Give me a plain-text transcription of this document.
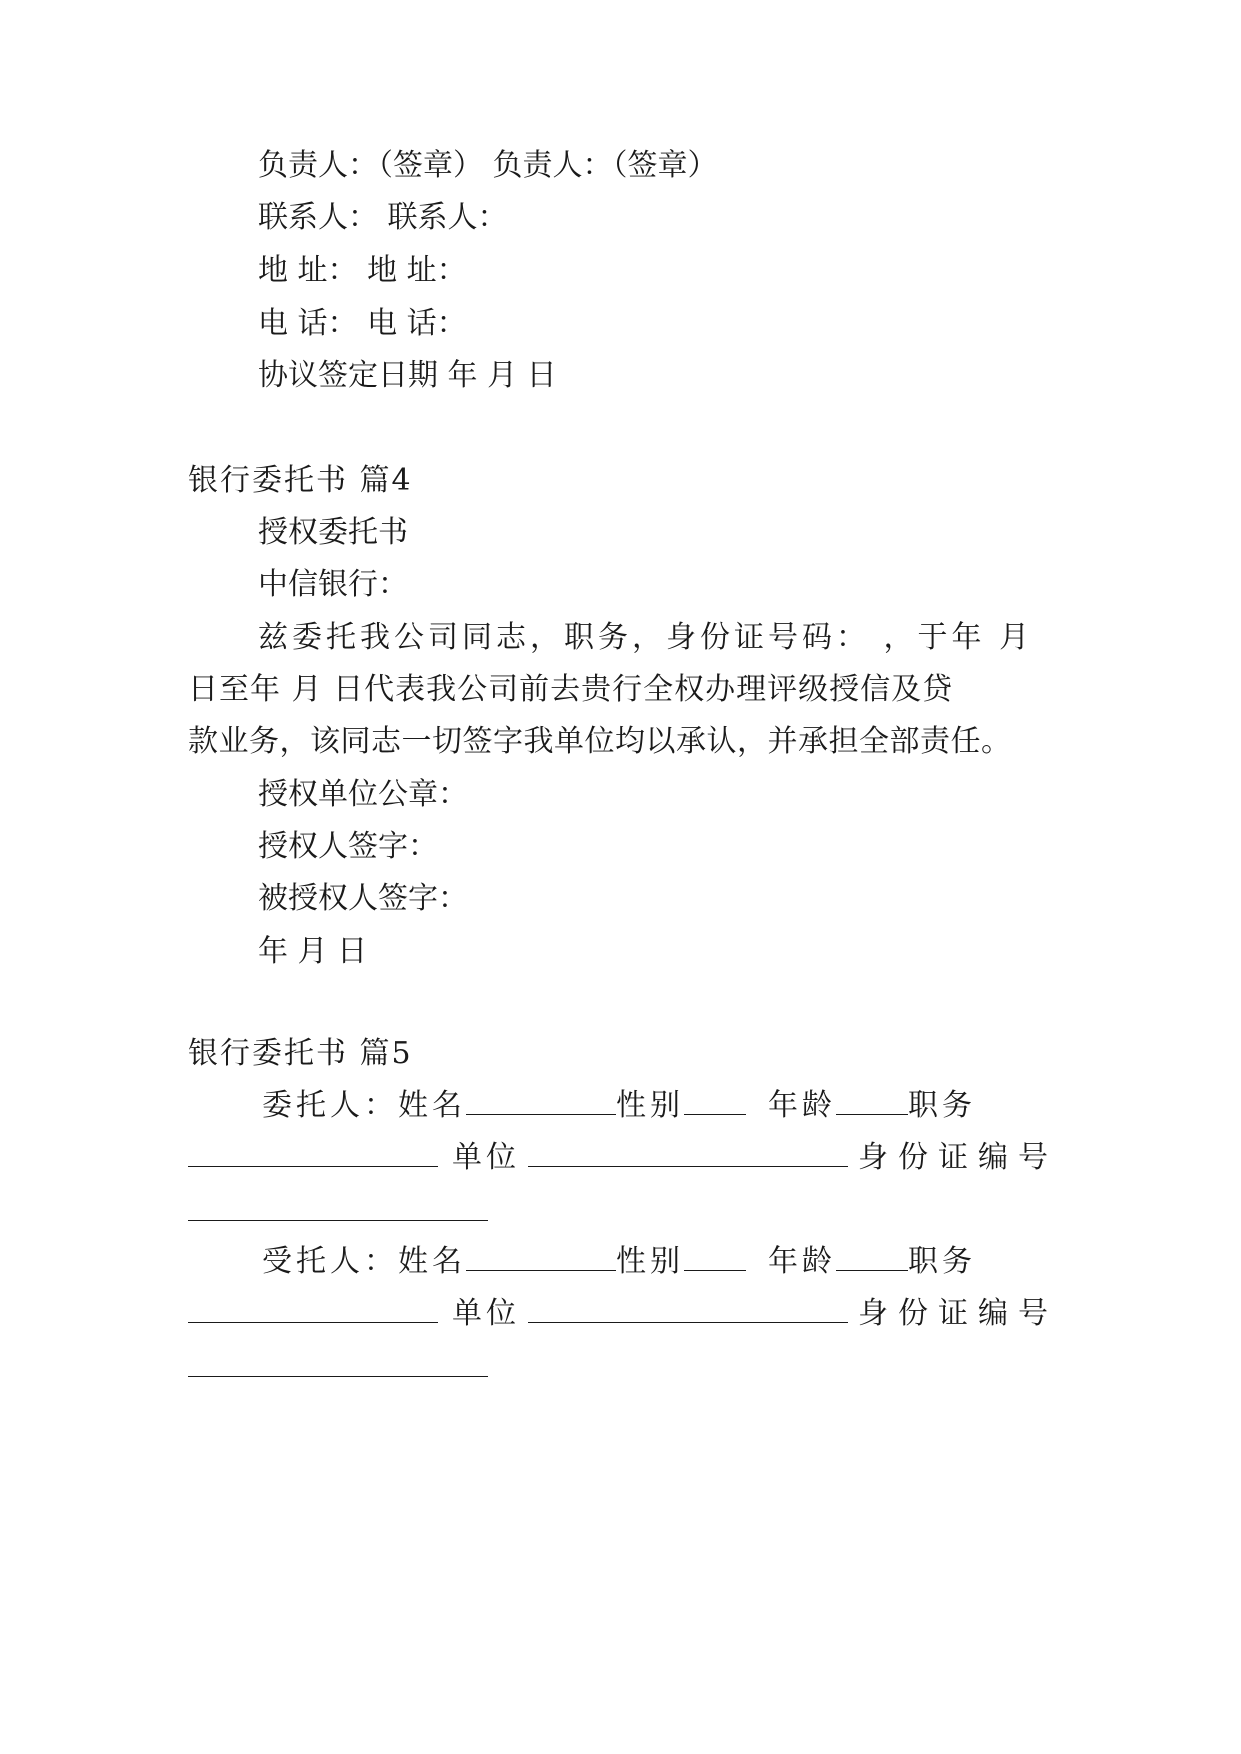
负责人：（签章） 负责人：（签章）
联系人： 联系人：
地 址： 地 址：
电 话： 电 话：
协议签定日期 年 月 日
银行委托书 篇4
授权委托书
中信银行：
兹委托我公司同志，职务，身份证号码： ，于年 月
日至年 月 日代表我公司前去贵行全权办理评级授信及贷
款业务，该同志一切签字我单位均以承认，并承担全部责任。
授权单位公章：
授权人签字：
被授权人签字：
年 月 日
银行委托书 篇5
委托人：姓名	性别	年龄 职务
单位	身份证编号
受托人：姓名	性别	年龄 职务
单位	身份证编号
